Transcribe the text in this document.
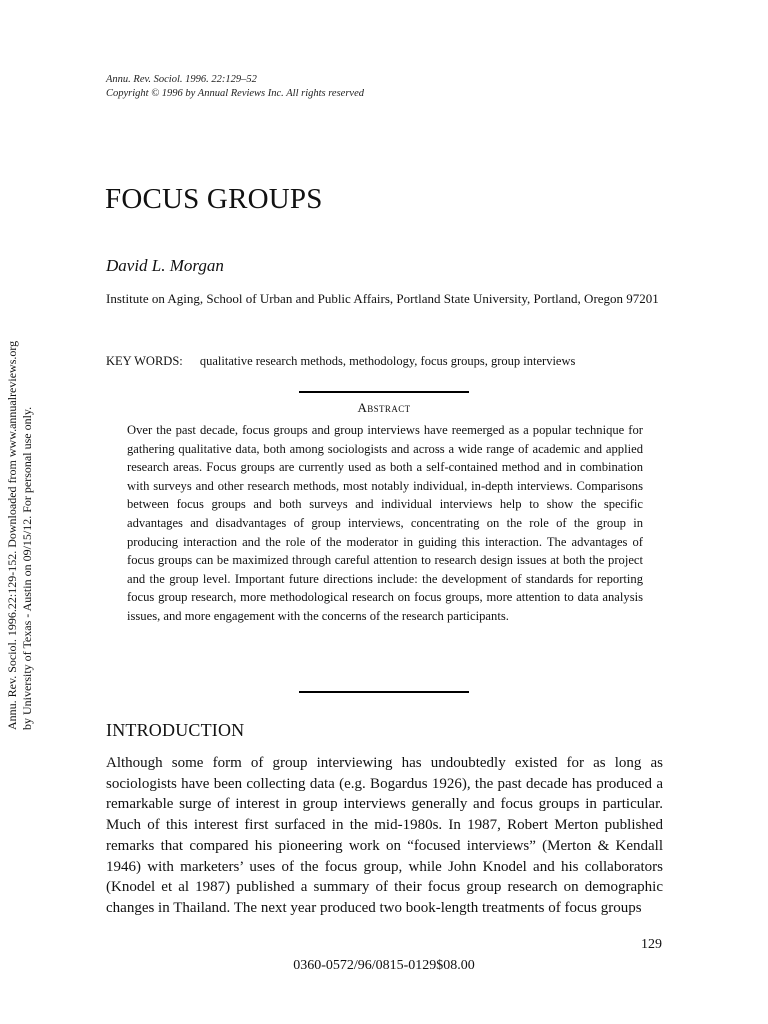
Annu. Rev. Sociol. 1996. 22:129–52
Copyright © 1996 by Annual Reviews Inc. All rights reserved
FOCUS GROUPS
David L. Morgan
Institute on Aging, School of Urban and Public Affairs, Portland State University, Portland, Oregon 97201
KEY WORDS: qualitative research methods, methodology, focus groups, group interviews
Abstract
Over the past decade, focus groups and group interviews have reemerged as a popular technique for gathering qualitative data, both among sociologists and across a wide range of academic and applied research areas. Focus groups are currently used as both a self-contained method and in combination with surveys and other research methods, most notably individual, in-depth interviews. Comparisons between focus groups and both surveys and individual interviews help to show the specific advantages and disadvantages of group interviews, concentrating on the role of the group in producing interaction and the role of the moderator in guiding this interaction. The advantages of focus groups can be maximized through careful attention to research design issues at both the project and the group level. Important future directions include: the development of standards for reporting focus group research, more methodological research on focus groups, more attention to data analysis issues, and more engagement with the concerns of the research participants.
INTRODUCTION
Although some form of group interviewing has undoubtedly existed for as long as sociologists have been collecting data (e.g. Bogardus 1926), the past decade has produced a remarkable surge of interest in group interviews generally and focus groups in particular. Much of this interest first surfaced in the mid-1980s. In 1987, Robert Merton published remarks that compared his pioneering work on “focused interviews” (Merton & Kendall 1946) with marketers’ uses of the focus group, while John Knodel and his collaborators (Knodel et al 1987) published a summary of their focus group research on demographic changes in Thailand. The next year produced two book-length treatments of focus groups
129
0360-0572/96/0815-0129$08.00
Annu. Rev. Sociol. 1996.22:129-152. Downloaded from www.annualreviews.org by University of Texas - Austin on 09/15/12. For personal use only.
